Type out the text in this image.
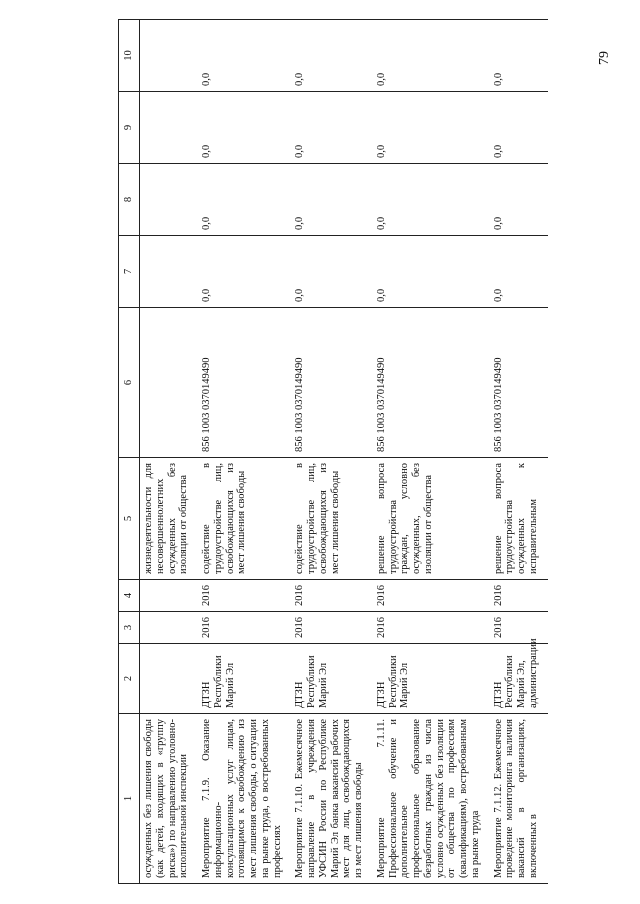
79
1	2	3	4	5	6	7	8	9	10
осужденных без лишения свободы (как детей, входящих в «группу риска») по направлению уголовно-исполнительной инспекции				жизнедеятельности для несовершеннолетних осужденных без изоляции от общества					
Мероприятие 7.1.9. Оказание информационно-консультационных услуг лицам, готовящимся к освобождению из мест лишения свободы, о ситуации на рынке труда, о востребованных профессиях	ДТЗН Республики Марий Эл	2016	2016	содействие в трудоустройстве лиц, освобождающихся из мест лишения свободы	856 1003 0370149490	0,0	0,0	0,0	0,0
Мероприятие 7.1.10. Ежемесячное направление в учреждения УФСИН России по Республике Марий Эл банка вакансий рабочих мест для лиц, освобождающихся из мест лишения свободы	ДТЗН Республики Марий Эл	2016	2016	содействие в трудоустройстве лиц, освобождающихся из мест лишения свободы	856 1003 0370149490	0,0	0,0	0,0	0,0
Мероприятие 7.1.11. Профессиональное обучение и дополнительное профессиональное образование безработных граждан из числа условно осужденных без изоляции от общества по профессиям (квалификациям), востребованным на рынке труда	ДТЗН Республики Марий Эл	2016	2016	решение вопроса трудоустройства граждан, условно осужденных, без изоляции от общества	856 1003 0370149490	0,0	0,0	0,0	0,0
Мероприятие 7.1.12. Ежемесячное проведение мониторинга наличия вакансий в организациях, включенных в	ДТЗН Республики Марий Эл, администрации	2016	2016	решение вопроса трудоустройства осужденных к исправительным	856 1003 0370149490	0,0	0,0	0,0	0,0
